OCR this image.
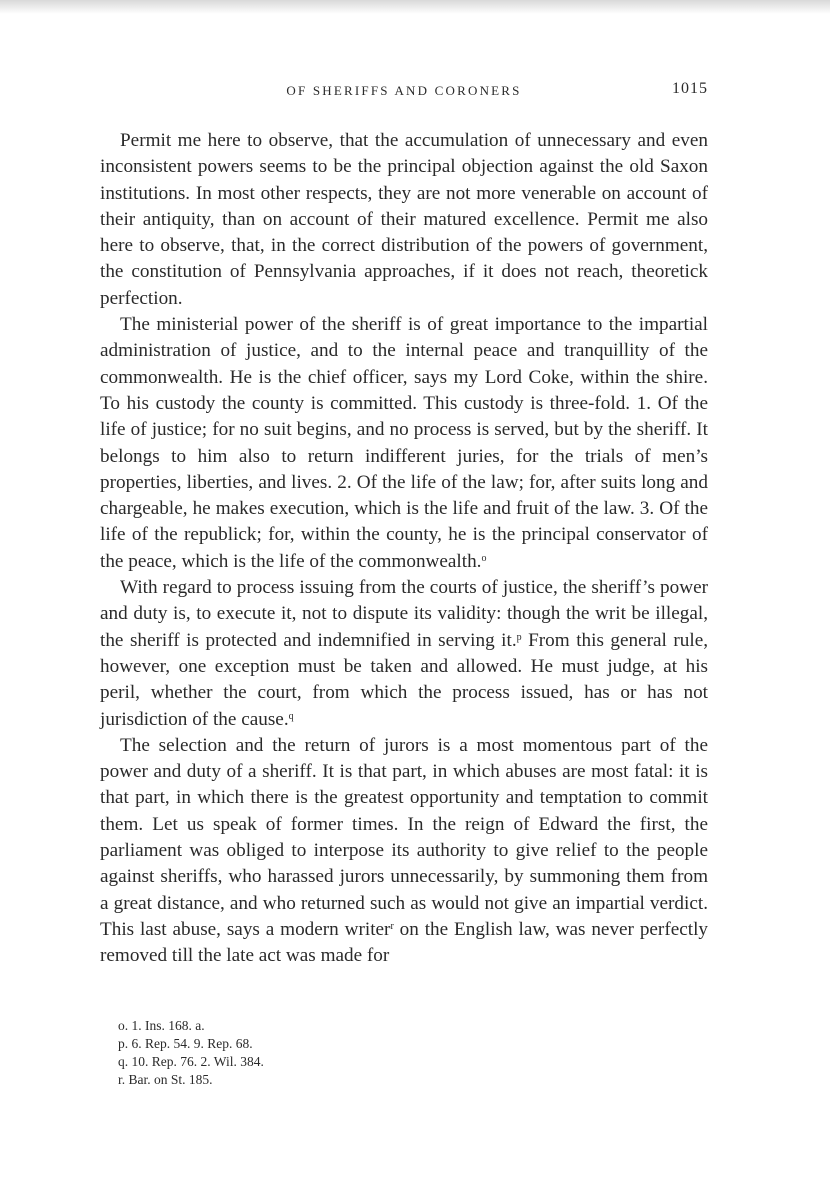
OF SHERIFFS AND CORONERS	1015

Permit me here to observe, that the accumulation of unnecessary and even inconsistent powers seems to be the principal objection against the old Saxon institutions. In most other respects, they are not more venerable on account of their antiquity, than on account of their matured excellence. Permit me also here to observe, that, in the correct distribution of the powers of government, the constitution of Pennsylvania approaches, if it does not reach, theoretick perfection.

The ministerial power of the sheriff is of great importance to the impartial administration of justice, and to the internal peace and tranquillity of the commonwealth. He is the chief officer, says my Lord Coke, within the shire. To his custody the county is committed. This custody is three-fold. 1. Of the life of justice; for no suit begins, and no process is served, but by the sheriff. It belongs to him also to return indifferent juries, for the trials of men’s properties, liberties, and lives. 2. Of the life of the law; for, after suits long and chargeable, he makes execution, which is the life and fruit of the law. 3. Of the life of the republick; for, within the county, he is the principal conservator of the peace, which is the life of the commonwealth.$^o$

With regard to process issuing from the courts of justice, the sheriff’s power and duty is, to execute it, not to dispute its validity: though the writ be illegal, the sheriff is protected and indemnified in serving it.$^p$ From this general rule, however, one exception must be taken and allowed. He must judge, at his peril, whether the court, from which the process issued, has or has not jurisdiction of the cause.$^q$

The selection and the return of jurors is a most momentous part of the power and duty of a sheriff. It is that part, in which abuses are most fatal: it is that part, in which there is the greatest opportunity and temptation to commit them. Let us speak of former times. In the reign of Edward the first, the parliament was obliged to interpose its authority to give relief to the people against sheriffs, who harassed jurors unnecessarily, by summoning them from a great distance, and who returned such as would not give an impartial verdict. This last abuse, says a modern writer$^r$ on the English law, was never perfectly removed till the late act was made for

o. 1. Ins. 168. a.
p. 6. Rep. 54. 9. Rep. 68.
q. 10. Rep. 76. 2. Wil. 384.
r. Bar. on St. 185.
